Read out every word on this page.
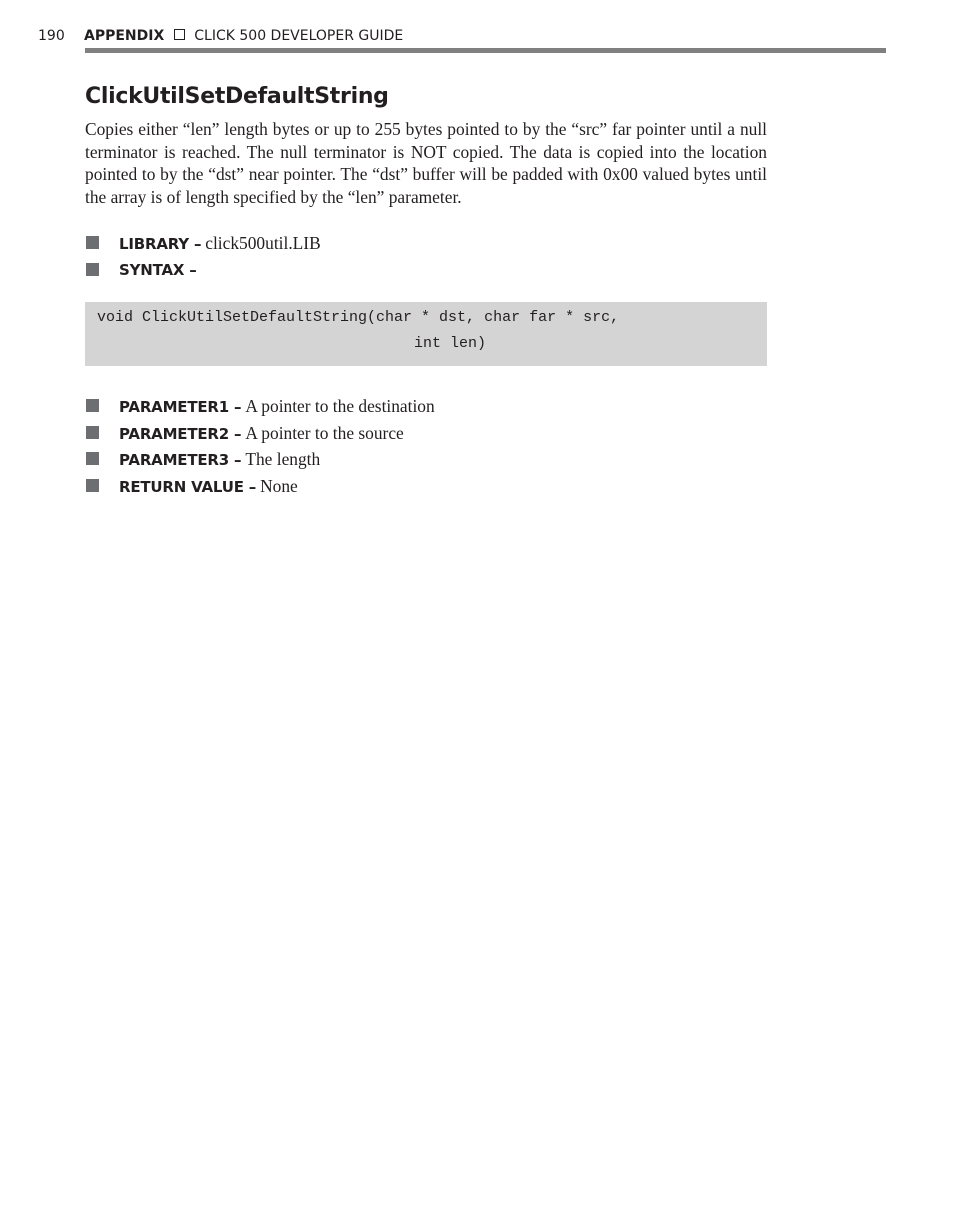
190 APPENDIX CLICK 500 DEVELOPER GUIDE
ClickUtilSetDefaultString

Copies either “len” length bytes or up to 255 bytes pointed to by the “src” far pointer until a null terminator is reached. The null terminator is NOT copied. The data is copied into the location pointed to by the “dst” near pointer. The “dst” buffer will be padded with 0x00 valued bytes until the array is of length specified by the “len” parameter.

LIBRARY – click500util.LIB
SYNTAX –
void ClickUtilSetDefaultString(char * dst, char far * src,
int len)
PARAMETER1 – A pointer to the destination
PARAMETER2 – A pointer to the source
PARAMETER3 – The length
RETURN VALUE – None
